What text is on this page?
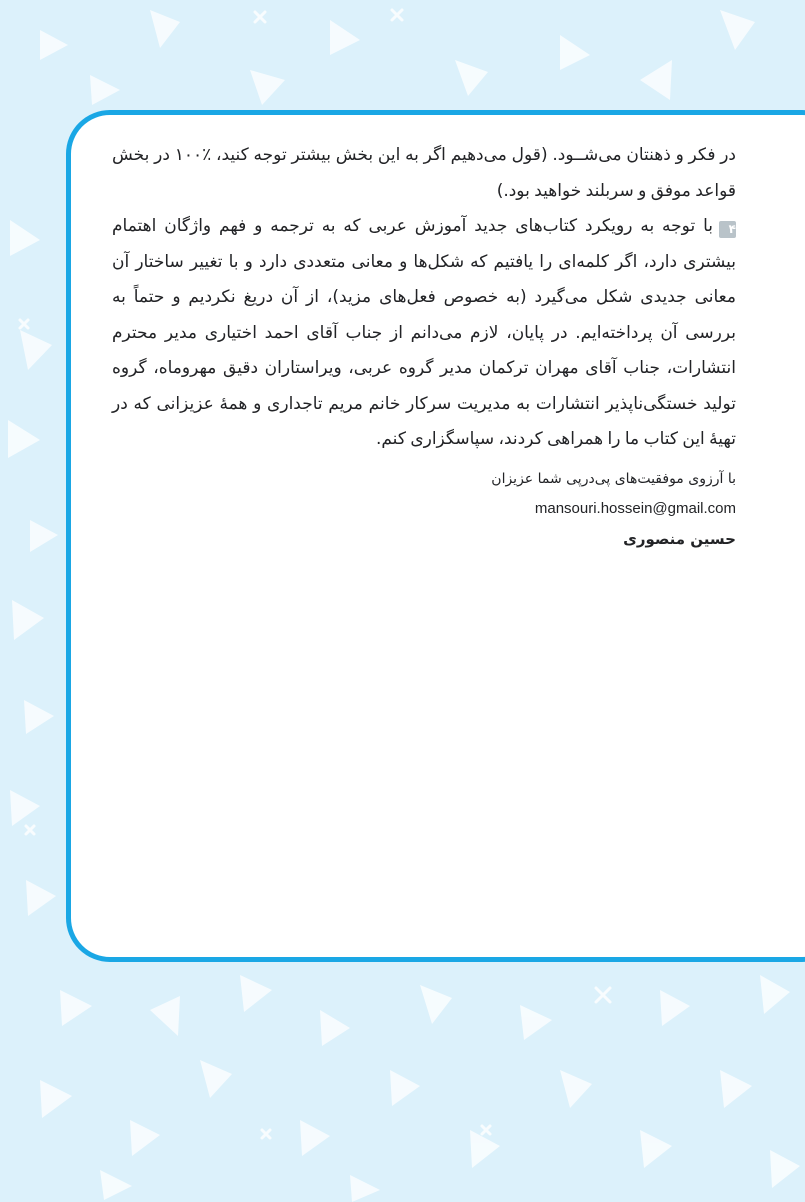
در فکر و ذهنتان می‌شــود. (قول می‌دهیم اگر به این بخش بیشتر توجه کنید، ٪۱۰۰ در بخش قواعد موفق و سربلند خواهید بود.)

۴با توجه به رویکرد کتاب‌های جدید آموزش عربی که به ترجمه و فهم واژگان اهتمام بیشتری دارد، اگر کلمه‌ای را یافتیم که شکل‌ها و معانی متعددی دارد و با تغییر ساختار آن معانی جدیدی شکل می‌گیرد (به خصوص فعل‌های مزید)، از آن دریغ نکردیم و حتماً به بررسی آن پرداخته‌ایم. در پایان، لازم می‌دانم از جناب آقای احمد اختیاری مدیر محترم انتشارات، جناب آقای مهران ترکمان مدیر گروه عربی، ویراستاران دقیق مهروماه، گروه تولید خستگی‌ناپذیر انتشارات به مدیریت سرکار خانم مریم تاجداری و همهٔ عزیزانی که در تهیهٔ این کتاب ما را همراهی کردند، سپاسگزاری کنم.

با آرزوی موفقیت‌های پی‌درپی شما عزیزان
mansouri.hossein@gmail.com
حسین منصوری
